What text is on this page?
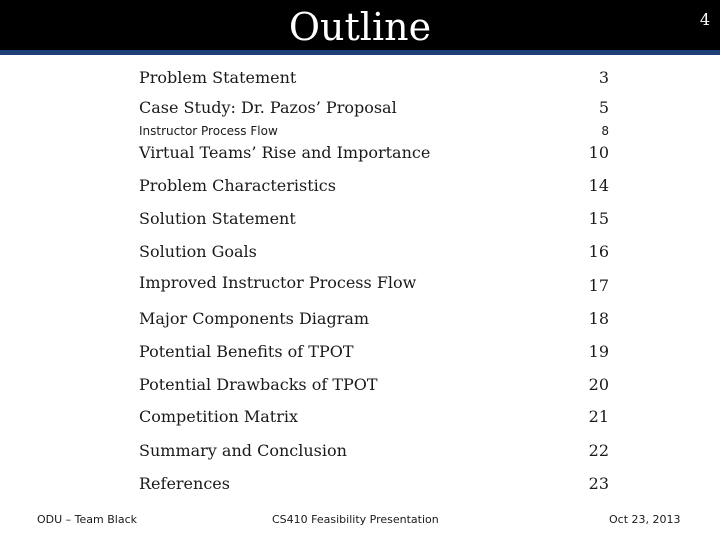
Outline	4
Problem Statement	3
Case Study: Dr. Pazos’ Proposal	5
Instructor Process Flow	8
Virtual Teams’ Rise and Importance	10
Problem Characteristics	14
Solution Statement	15
Solution Goals	16
Improved Instructor Process Flow	17
Major Components Diagram	18
Potential Benefits of TPOT	19
Potential Drawbacks of TPOT	20
Competition Matrix	21
Summary and Conclusion	22
References	23
ODU – Team Black	CS410 Feasibility Presentation	Oct 23, 2013
